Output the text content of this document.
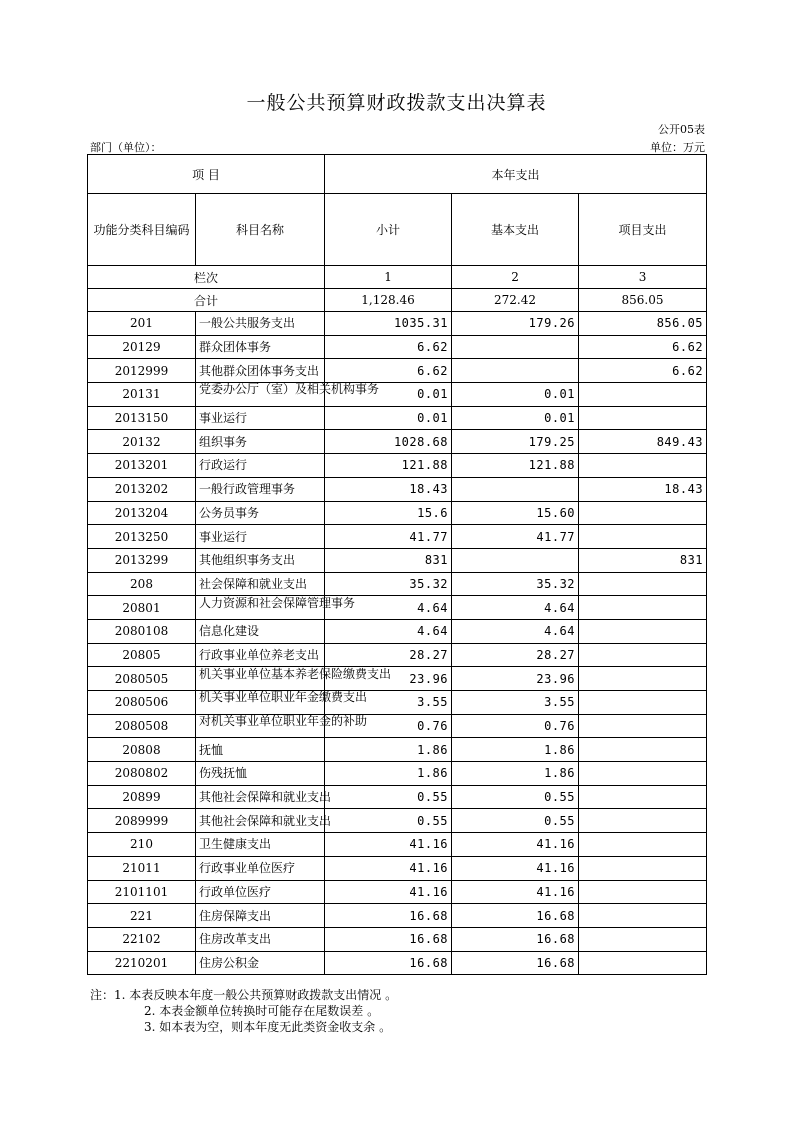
一般公共预算财政拨款支出决算表
公开05表
部门（单位）：	单位：万元
项 目		本年支出		
功能分类科目编码	科目名称	小计	基本支出	项目支出
栏次		1	2	3
合计		1,128.46	272.42	856.05
201	一般公共服务支出	1035.31	179.26	856.05
20129	群众团体事务	6.62		6.62
2012999	其他群众团体事务支出	6.62		6.62
20131	党委办公厅（室）及相关机构事务	0.01	0.01	
2013150	事业运行	0.01	0.01	
20132	组织事务	1028.68	179.25	849.43
2013201	行政运行	121.88	121.88	
2013202	一般行政管理事务	18.43		18.43
2013204	公务员事务	15.6	15.60	
2013250	事业运行	41.77	41.77	
2013299	其他组织事务支出	831		831
208	社会保障和就业支出	35.32	35.32	
20801	人力资源和社会保障管理事务	4.64	4.64	
2080108	信息化建设	4.64	4.64	
20805	行政事业单位养老支出	28.27	28.27	
2080505	机关事业单位基本养老保险缴费支出	23.96	23.96	
2080506	机关事业单位职业年金缴费支出	3.55	3.55	
2080508	对机关事业单位职业年金的补助	0.76	0.76	
20808	抚恤	1.86	1.86	
2080802	伤残抚恤	1.86	1.86	
20899	其他社会保障和就业支出	0.55	0.55	
2089999	其他社会保障和就业支出	0.55	0.55	
210	卫生健康支出	41.16	41.16	
21011	行政事业单位医疗	41.16	41.16	
2101101	行政单位医疗	41.16	41.16	
221	住房保障支出	16.68	16.68	
22102	住房改革支出	16.68	16.68	
2210201	住房公积金	16.68	16.68	
注：1. 本表反映本年度一般公共预算财政拨款支出情况 。
2. 本表金额单位转换时可能存在尾数误差 。
3. 如本表为空，则本年度无此类资金收支余 。
